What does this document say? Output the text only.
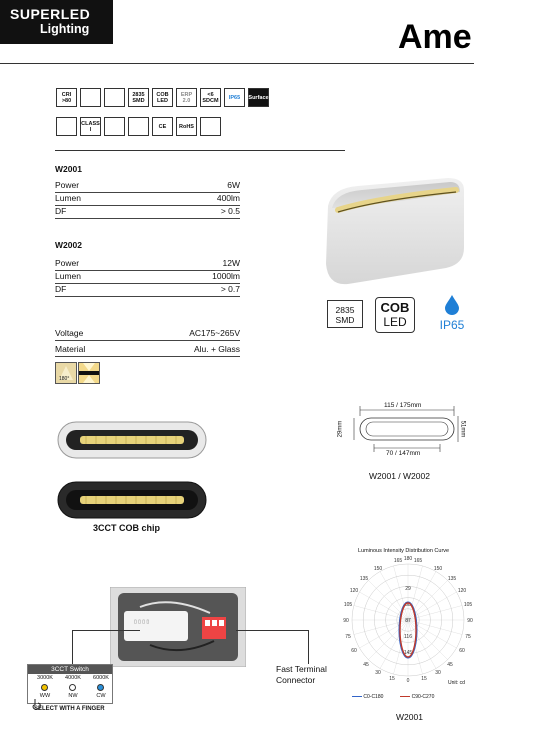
SUPERLED
Lighting	Ame
CRI >80
2835 SMD
COB LED
ERP 2.0
<6 SDCM IP65 Surface
CLASS I	CE RoHS
W2001
Power	6W
Lumen	400lm
DF	> 0.5
W2002
Power	12W
Lumen	1000lm
DF	> 0.7
Voltage	AC175~265V
Material	Alu. + Glass
180°
2835
SMD
COB
LED	IP65
115 / 175mm
70 / 147mm
29mm	51mm
W2001 / W2002
3CCT COB chip
▯ ▯ ▯ ▯
Fast Terminal
Connector
3CCT Switch
3000K
WW
4000K
NW
6000K
CW
SELECT WITH A FINGER
Luminous Intensity Distribution Curve
165 180 165
150	150
135	135
120	120
105	105
90	90
75	75
60	60
45	45
30
15 0 15
30
29
58
87
116
145
Unit: cd
C0-C180	C90-C270
W2001
